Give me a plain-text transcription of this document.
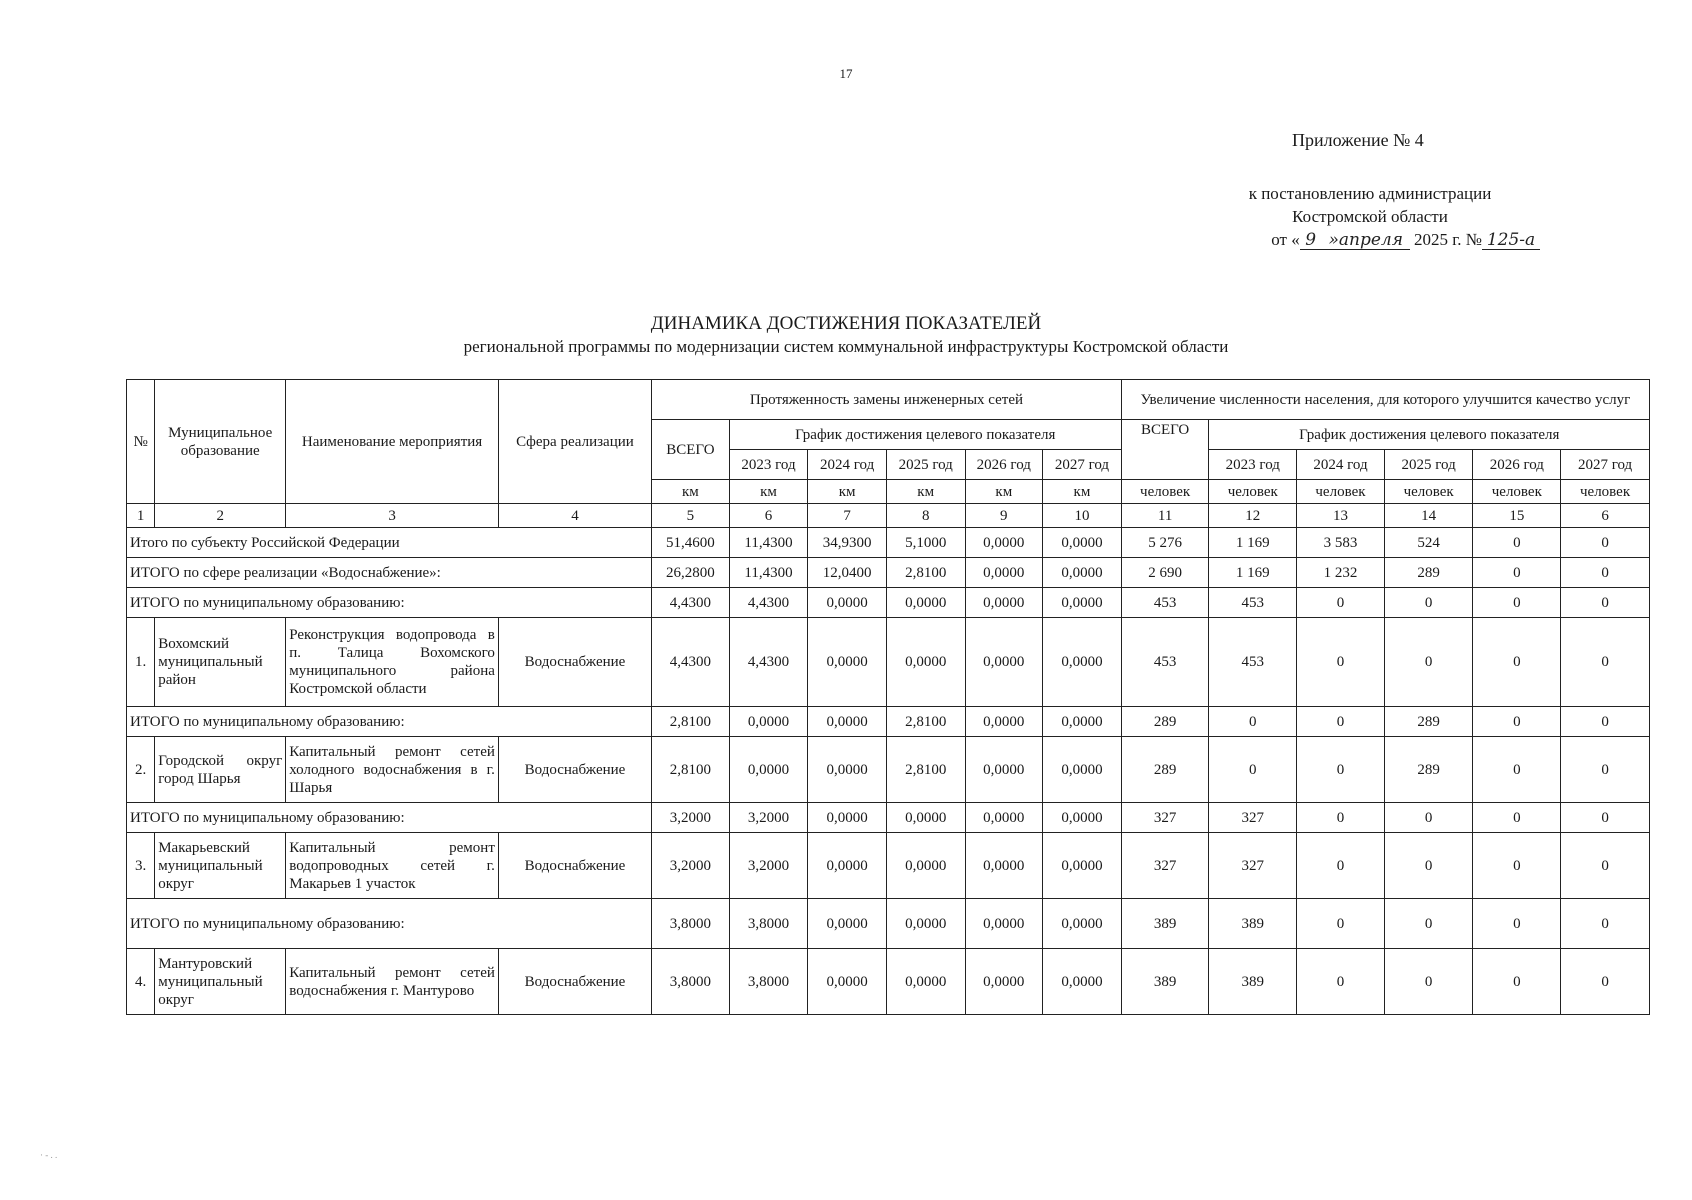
17
Приложение № 4
к постановлению администрации
Костромской области
от « 9 »апреля 2025 г. № 125-а
ДИНАМИКА ДОСТИЖЕНИЯ ПОКАЗАТЕЛЕЙ
региональной программы по модернизации систем коммунальной инфраструктуры Костромской области
№	Муниципальное образование	Наименование мероприятия	Сфера реализации	Протяженность замены инженерных сетей						Увеличение численности населения, для которого улучшится качество услуг					
				ВСЕГО	График достижения целевого показателя					ВСЕГО	График достижения целевого показателя				
					2023 год	2024 год	2025 год	2026 год	2027 год		2023 год	2024 год	2025 год	2026 год	2027 год
				км	км	км	км	км	км	человек	человек	человек	человек	человек	человек
1	2	3	4	5	6	7	8	9	10	11	12	13	14	15	6
Итого по субъекту Российской Федерации				51,4600	11,4300	34,9300	5,1000	0,0000	0,0000	5 276	1 169	3 583	524	0	0
ИТОГО по сфере реализации «Водоснабжение»:				26,2800	11,4300	12,0400	2,8100	0,0000	0,0000	2 690	1 169	1 232	289	0	0
ИТОГО по муниципальному образованию:				4,4300	4,4300	0,0000	0,0000	0,0000	0,0000	453	453	0	0	0	0
1.	Вохомский муниципальный район	Реконструкция водопровода в п. Талица Вохомского муниципального района Костромской области	Водоснабжение	4,4300	4,4300	0,0000	0,0000	0,0000	0,0000	453	453	0	0	0	0
ИТОГО по муниципальному образованию:				2,8100	0,0000	0,0000	2,8100	0,0000	0,0000	289	0	0	289	0	0
2.	Городской округ город Шарья	Капитальный ремонт сетей холодного водоснабжения в г. Шарья	Водоснабжение	2,8100	0,0000	0,0000	2,8100	0,0000	0,0000	289	0	0	289	0	0
ИТОГО по муниципальному образованию:				3,2000	3,2000	0,0000	0,0000	0,0000	0,0000	327	327	0	0	0	0
3.	Макарьевский муниципальный округ	Капитальный ремонт водопроводных сетей г. Макарьев 1 участок	Водоснабжение	3,2000	3,2000	0,0000	0,0000	0,0000	0,0000	327	327	0	0	0	0
ИТОГО по муниципальному образованию:				3,8000	3,8000	0,0000	0,0000	0,0000	0,0000	389	389	0	0	0	0
4.	Мантуровский муниципальный округ	Капитальный ремонт сетей водоснабжения г. Мантурово	Водоснабжение	3,8000	3,8000	0,0000	0,0000	0,0000	0,0000	389	389	0	0	0	0
· - . .
